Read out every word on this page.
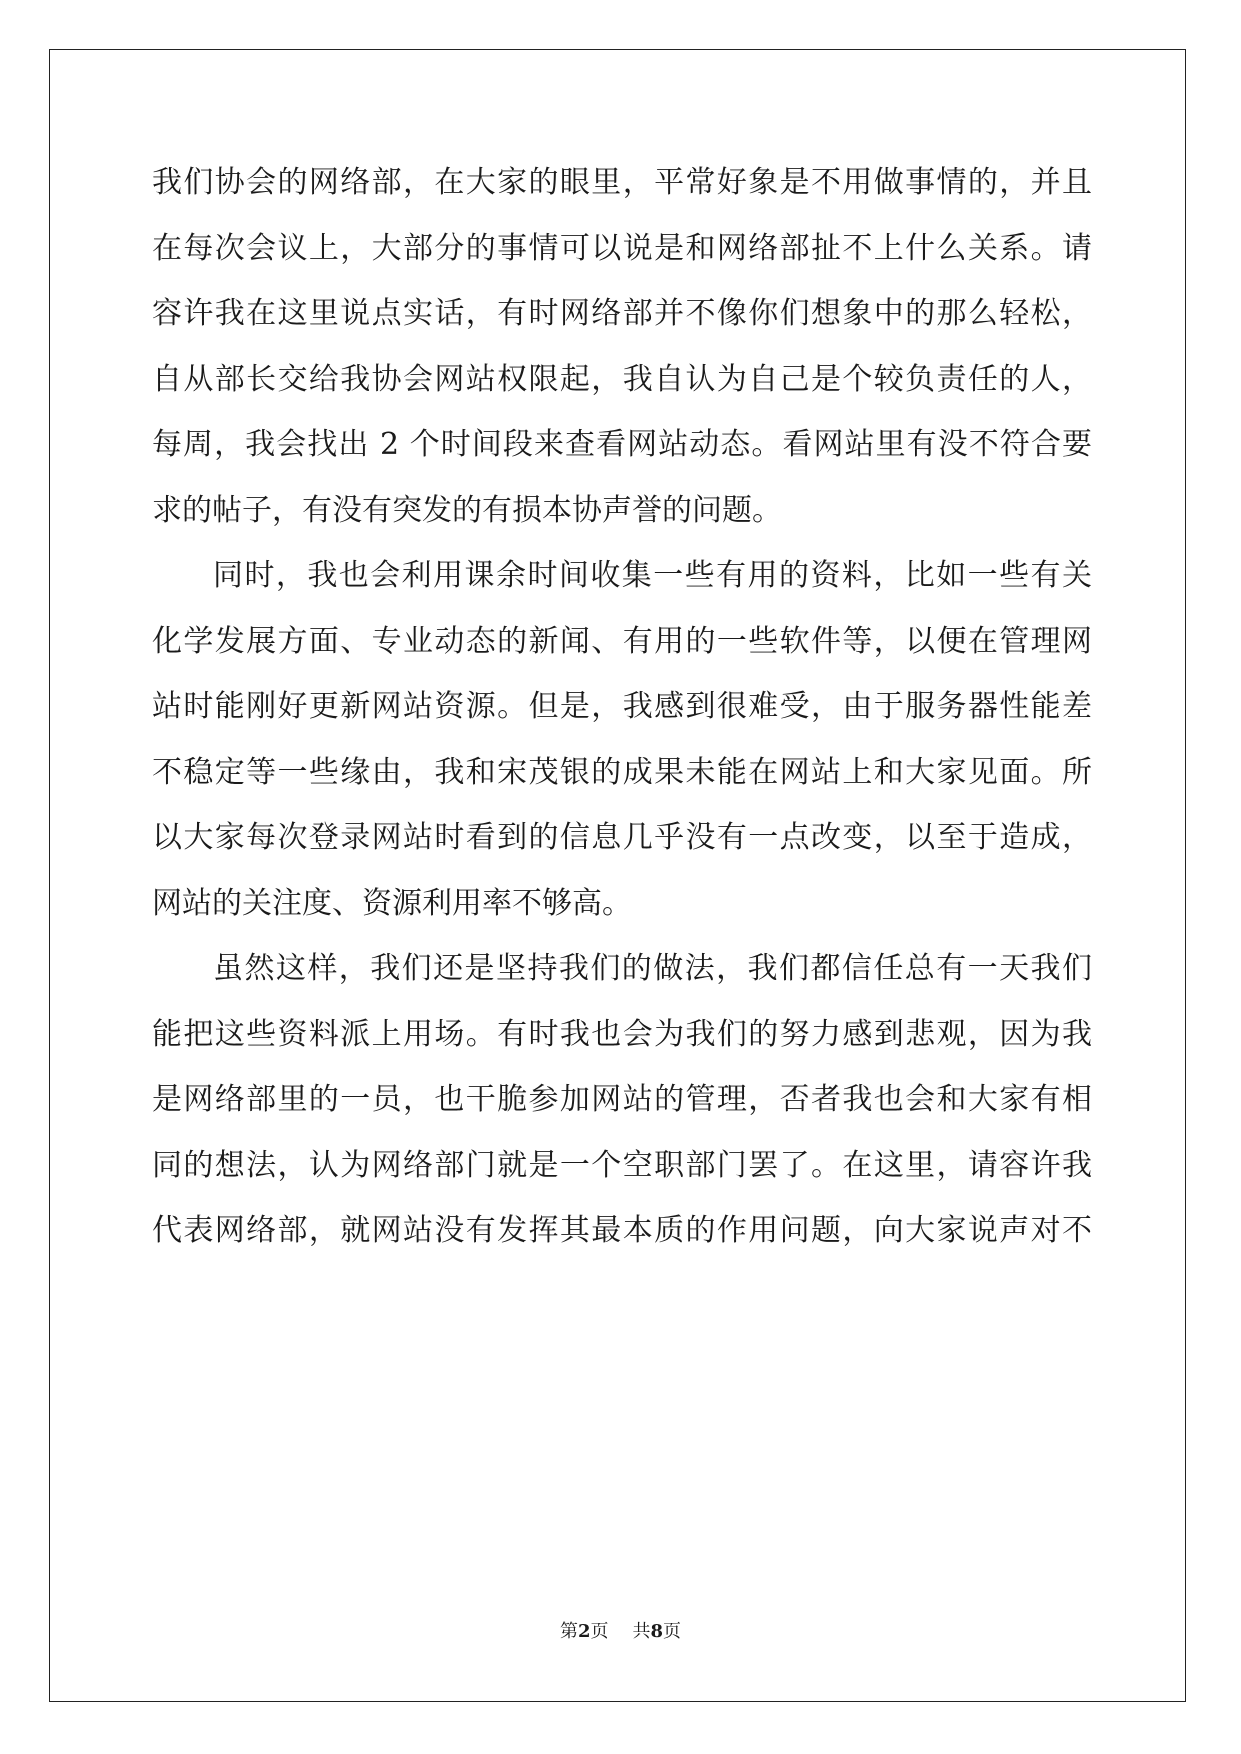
我们协会的网络部，在大家的眼里，平常好象是不用做事情的，并且
在每次会议上，大部分的事情可以说是和网络部扯不上什么关系。请
容许我在这里说点实话，有时网络部并不像你们想象中的那么轻松，
自从部长交给我协会网站权限起，我自认为自己是个较负责任的人，
每周，我会找出 2 个时间段来查看网站动态。看网站里有没不符合要
求的帖子，有没有突发的有损本协声誉的问题。
同时，我也会利用课余时间收集一些有用的资料，比如一些有关
化学发展方面、专业动态的新闻、有用的一些软件等，以便在管理网
站时能刚好更新网站资源。但是，我感到很难受，由于服务器性能差
不稳定等一些缘由，我和宋茂银的成果未能在网站上和大家见面。所
以大家每次登录网站时看到的信息几乎没有一点改变，以至于造成，
网站的关注度、资源利用率不够高。
虽然这样，我们还是坚持我们的做法，我们都信任总有一天我们
能把这些资料派上用场。有时我也会为我们的努力感到悲观，因为我
是网络部里的一员，也干脆参加网站的管理，否者我也会和大家有相
同的想法，认为网络部门就是一个空职部门罢了。在这里，请容许我
代表网络部，就网站没有发挥其最本质的作用问题，向大家说声对不
第2页 共8页
